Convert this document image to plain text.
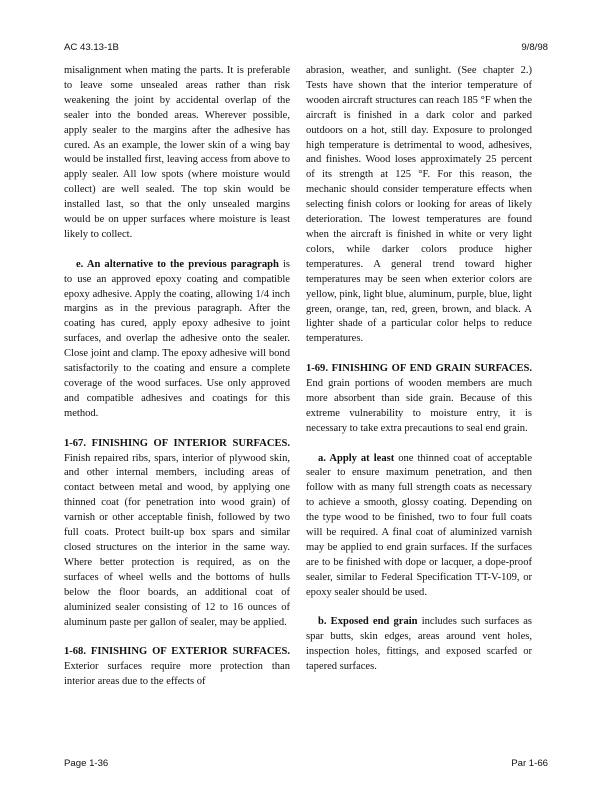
AC 43.13-1B	9/8/98

misalignment when mating the parts. It is preferable to leave some unsealed areas rather than risk weakening the joint by accidental overlap of the sealer into the bonded areas. Wherever possible, apply sealer to the margins after the adhesive has cured. As an example, the lower skin of a wing bay would be installed first, leaving access from above to apply sealer. All low spots (where moisture would collect) are well sealed. The top skin would be installed last, so that the only unsealed margins would be on upper surfaces where moisture is least likely to collect.

e. An alternative to the previous paragraph is to use an approved epoxy coating and compatible epoxy adhesive. Apply the coating, allowing 1/4 inch margins as in the previous paragraph. After the coating has cured, apply epoxy adhesive to joint surfaces, and overlap the adhesive onto the sealer. Close joint and clamp. The epoxy adhesive will bond satisfactorily to the coating and ensure a complete coverage of the wood surfaces. Use only approved and compatible adhesives and coatings for this method.

1-67. FINISHING OF INTERIOR SURFACES. Finish repaired ribs, spars, interior of plywood skin, and other internal members, including areas of contact between metal and wood, by applying one thinned coat (for penetration into wood grain) of varnish or other acceptable finish, followed by two full coats. Protect built-up box spars and similar closed structures on the interior in the same way. Where better protection is required, as on the surfaces of wheel wells and the bottoms of hulls below the floor boards, an additional coat of aluminized sealer consisting of 12 to 16 ounces of aluminum paste per gallon of sealer, may be applied.

1-68. FINISHING OF EXTERIOR SURFACES. Exterior surfaces require more protection than interior areas due to the effects of

abrasion, weather, and sunlight. (See chapter 2.) Tests have shown that the interior temperature of wooden aircraft structures can reach 185 °F when the aircraft is finished in a dark color and parked outdoors on a hot, still day. Exposure to prolonged high temperature is detrimental to wood, adhesives, and finishes. Wood loses approximately 25 percent of its strength at 125 °F. For this reason, the mechanic should consider temperature effects when selecting finish colors or looking for areas of likely deterioration. The lowest temperatures are found when the aircraft is finished in white or very light colors, while darker colors produce higher temperatures. A general trend toward higher temperatures may be seen when exterior colors are yellow, pink, light blue, aluminum, purple, blue, light green, orange, tan, red, green, brown, and black. A lighter shade of a particular color helps to reduce temperatures.

1-69. FINISHING OF END GRAIN SURFACES. End grain portions of wooden members are much more absorbent than side grain. Because of this extreme vulnerability to moisture entry, it is necessary to take extra precautions to seal end grain.

a. Apply at least one thinned coat of acceptable sealer to ensure maximum penetration, and then follow with as many full strength coats as necessary to achieve a smooth, glossy coating. Depending on the type wood to be finished, two to four full coats will be required. A final coat of aluminized varnish may be applied to end grain surfaces. If the surfaces are to be finished with dope or lacquer, a dope-proof sealer, similar to Federal Specification TT-V-109, or epoxy sealer should be used.

b. Exposed end grain includes such surfaces as spar butts, skin edges, areas around vent holes, inspection holes, fittings, and exposed scarfed or tapered surfaces.

Page 1-36	Par 1-66
